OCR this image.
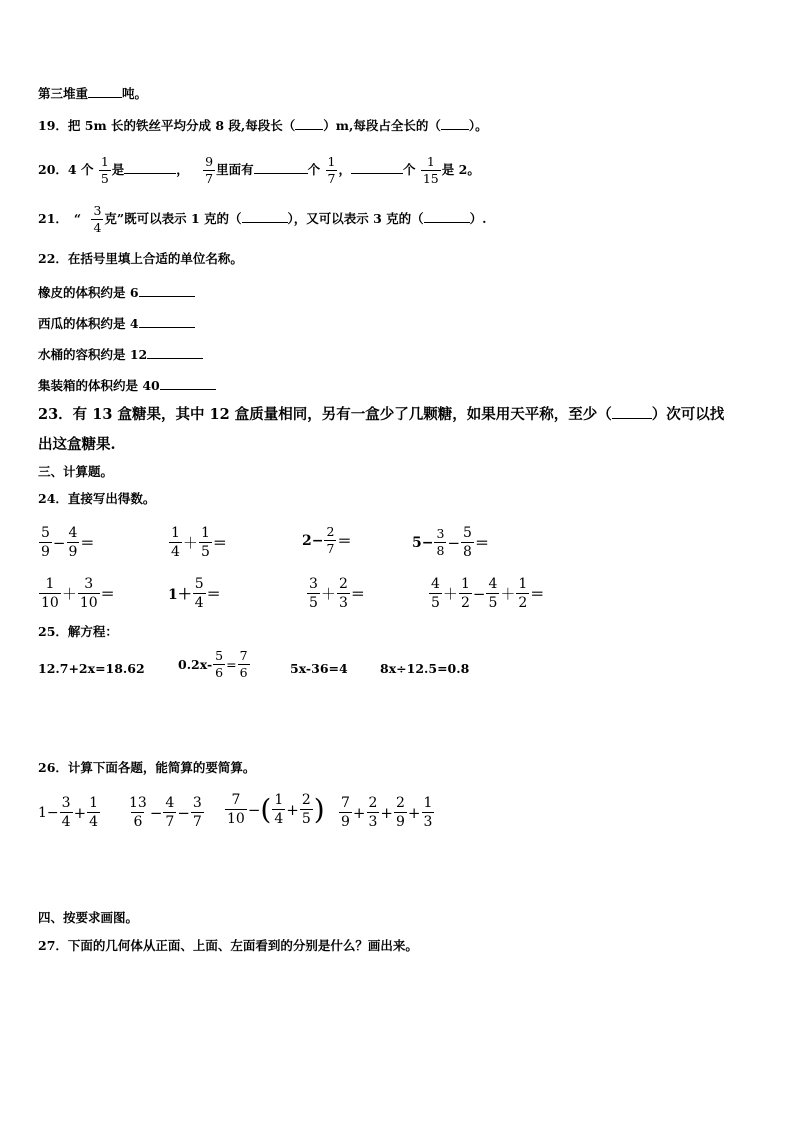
第三堆重	吨。
19．把 5m 长的铁丝平均分成 8 段,每段长（ ）m,每段占全长的（ ）。
20．4 个 $\frac{1}{5}$ 是	， $\frac{9}{7}$ 里面有	个 $\frac{1}{7}$ ，	个 $\frac{1}{15}$ 是 2。
21． “ $\frac{3}{4}$ 克”既可以表示 1 克的（	），又可以表示 3 克的（	）.
22．在括号里填上合适的单位名称。
橡皮的体积约是 6
西瓜的体积约是 4
水桶的容积约是 12
集装箱的体积约是 40
23．有 13 盒糖果，其中 12 盒质量相同，另有一盒少了几颗糖，如果用天平称，至少（	）次可以找
出这盒糖果.
三、计算题。
24．直接写出得数。
$\frac{5}{9} - \frac{4}{9}$ ＝	$\frac{1}{4} + \frac{1}{5}$ ＝	$2- \frac{2}{7}$ ＝	$5- \frac{3}{8} - \frac{5}{8}$ ＝
$\frac{1}{10} + \frac{3}{10}$ ＝	$1+ \frac{5}{4}$ ＝	$\frac{3}{5} + \frac{2}{3}$ ＝	$\frac{4}{5} + \frac{1}{2} - \frac{4}{5} + \frac{1}{2}$ ＝
25．解方程：
12.7+2x=18.62	$0.2x- \frac{5}{6} = \frac{7}{6}$	5x-36=4	8x÷12.5=0.8
26．计算下面各题，能简算的要简算。
$1- \frac{3}{4} + \frac{1}{4} \frac{13}{6} - \frac{4}{7} - \frac{3}{7} \frac{7}{10}$ − ( $\frac{1}{4} + \frac{2}{5}$ ) $\frac{7}{9} + \frac{2}{3} + \frac{2}{9} + \frac{1}{3}$
四、按要求画图。
27．下面的几何体从正面、上面、左面看到的分别是什么？画出来。
